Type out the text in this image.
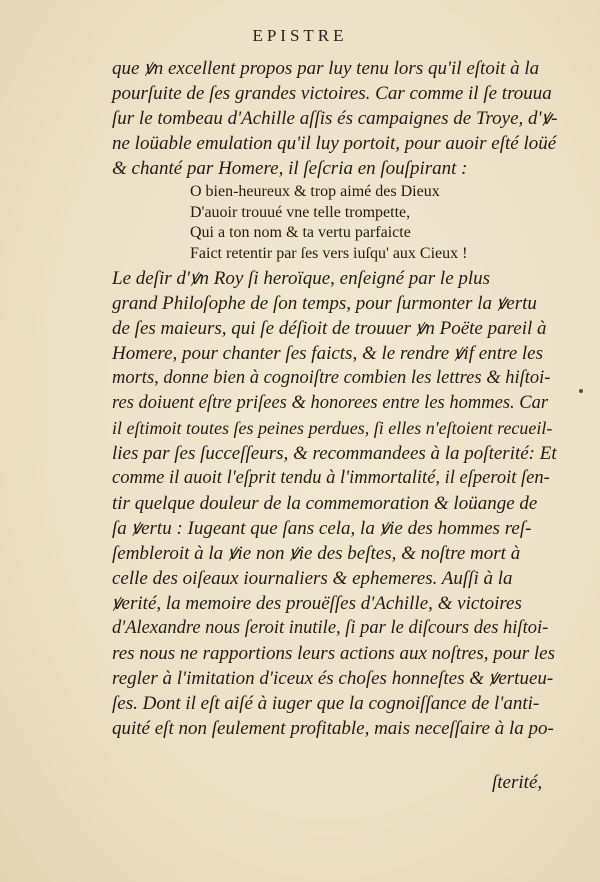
EPISTRE
que ꝟn excellent propos par luy tenu lors qu'il eſtoit à la
pourſuite de ſes grandes victoires. Car comme il ſe trouua
ſur le tombeau d'Achille aſſis és campaignes de Troye, d'ꝟ-
ne loüable emulation qu'il luy portoit, pour auoir eſté loüé
& chanté par Homere, il ſeſcria en ſouſpirant :
O bien-heureux & trop aimé des Dieux
D'auoir trouué vne telle trompette,
Qui a ton nom & ta vertu parfaicte
Faict retentir par ſes vers iuſqu' aux Cieux !
Le deſir d'ꝟn Roy ſi heroïque, enſeigné par le plus
grand Philoſophe de ſon temps, pour ſurmonter la ꝟertu
de ſes maieurs, qui ſe déſioit de trouuer ꝟn Poëte pareil à
Homere, pour chanter ſes faicts, & le rendre ꝟif entre les
morts, donne bien à cognoiſtre combien les lettres & hiſtoi-
res doiuent eſtre priſees & honorees entre les hommes. Car
il eſtimoit toutes ſes peines perdues, ſi elles n'eſtoient recueil-
lies par ſes ſucceſſeurs, & recommandees à la poſterité: Et
comme il auoit l'eſprit tendu à l'immortalité, il eſperoit ſen-
tir quelque douleur de la commemoration & loüange de
ſa ꝟertu : Iugeant que ſans cela, la ꝟie des hommes reſ-
ſembleroit à la ꝟie non ꝟie des beſtes, & noſtre mort à
celle des oiſeaux iournaliers & ephemeres. Auſſi à la
ꝟerité, la memoire des prouëſſes d'Achille, & victoires
d'Alexandre nous ſeroit inutile, ſi par le diſcours des hiſtoi-
res nous ne rapportions leurs actions aux noſtres, pour les
regler à l'imitation d'iceux és choſes honneſtes & ꝟertueu-
ſes. Dont il eſt aiſé à iuger que la cognoiſſance de l'anti-
quité eſt non ſeulement profitable, mais neceſſaire à la po-
ſterité,
